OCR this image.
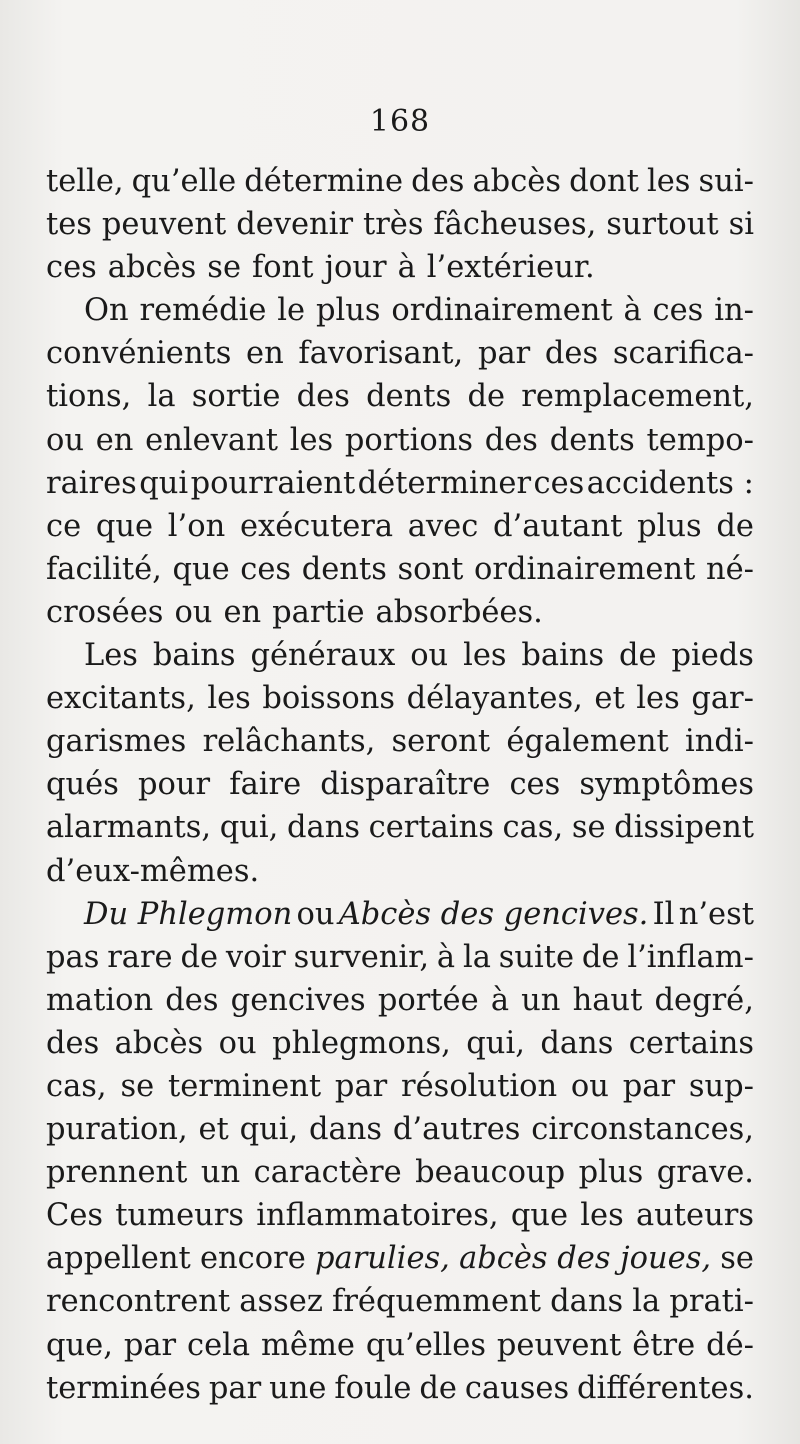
168
telle, qu’elle détermine des abcès dont les sui-
tes peuvent devenir très fâcheuses, surtout si
ces abcès se font jour à l’extérieur.
On remédie le plus ordinairement à ces in-
convénients en favorisant, par des scarifica-
tions, la sortie des dents de remplacement,
ou en enlevant les portions des dents tempo-
raires qui pourraient déterminer ces accidents :
ce que l’on exécutera avec d’autant plus de
facilité, que ces dents sont ordinairement né-
crosées ou en partie absorbées.
Les bains généraux ou les bains de pieds
excitants, les boissons délayantes, et les gar-
garismes relâchants, seront également indi-
qués pour faire disparaître ces symptômes
alarmants, qui, dans certains cas, se dissipent
d’eux-mêmes.
Du Phlegmon ou Abcès des gencives. Il n’est
pas rare de voir survenir, à la suite de l’inflam-
mation des gencives portée à un haut degré,
des abcès ou phlegmons, qui, dans certains
cas, se terminent par résolution ou par sup-
puration, et qui, dans d’autres circonstances,
prennent un caractère beaucoup plus grave.
Ces tumeurs inflammatoires, que les auteurs
appellent encore parulies, abcès des joues, se
rencontrent assez fréquemment dans la prati-
que, par cela même qu’elles peuvent être dé-
terminées par une foule de causes différentes.
